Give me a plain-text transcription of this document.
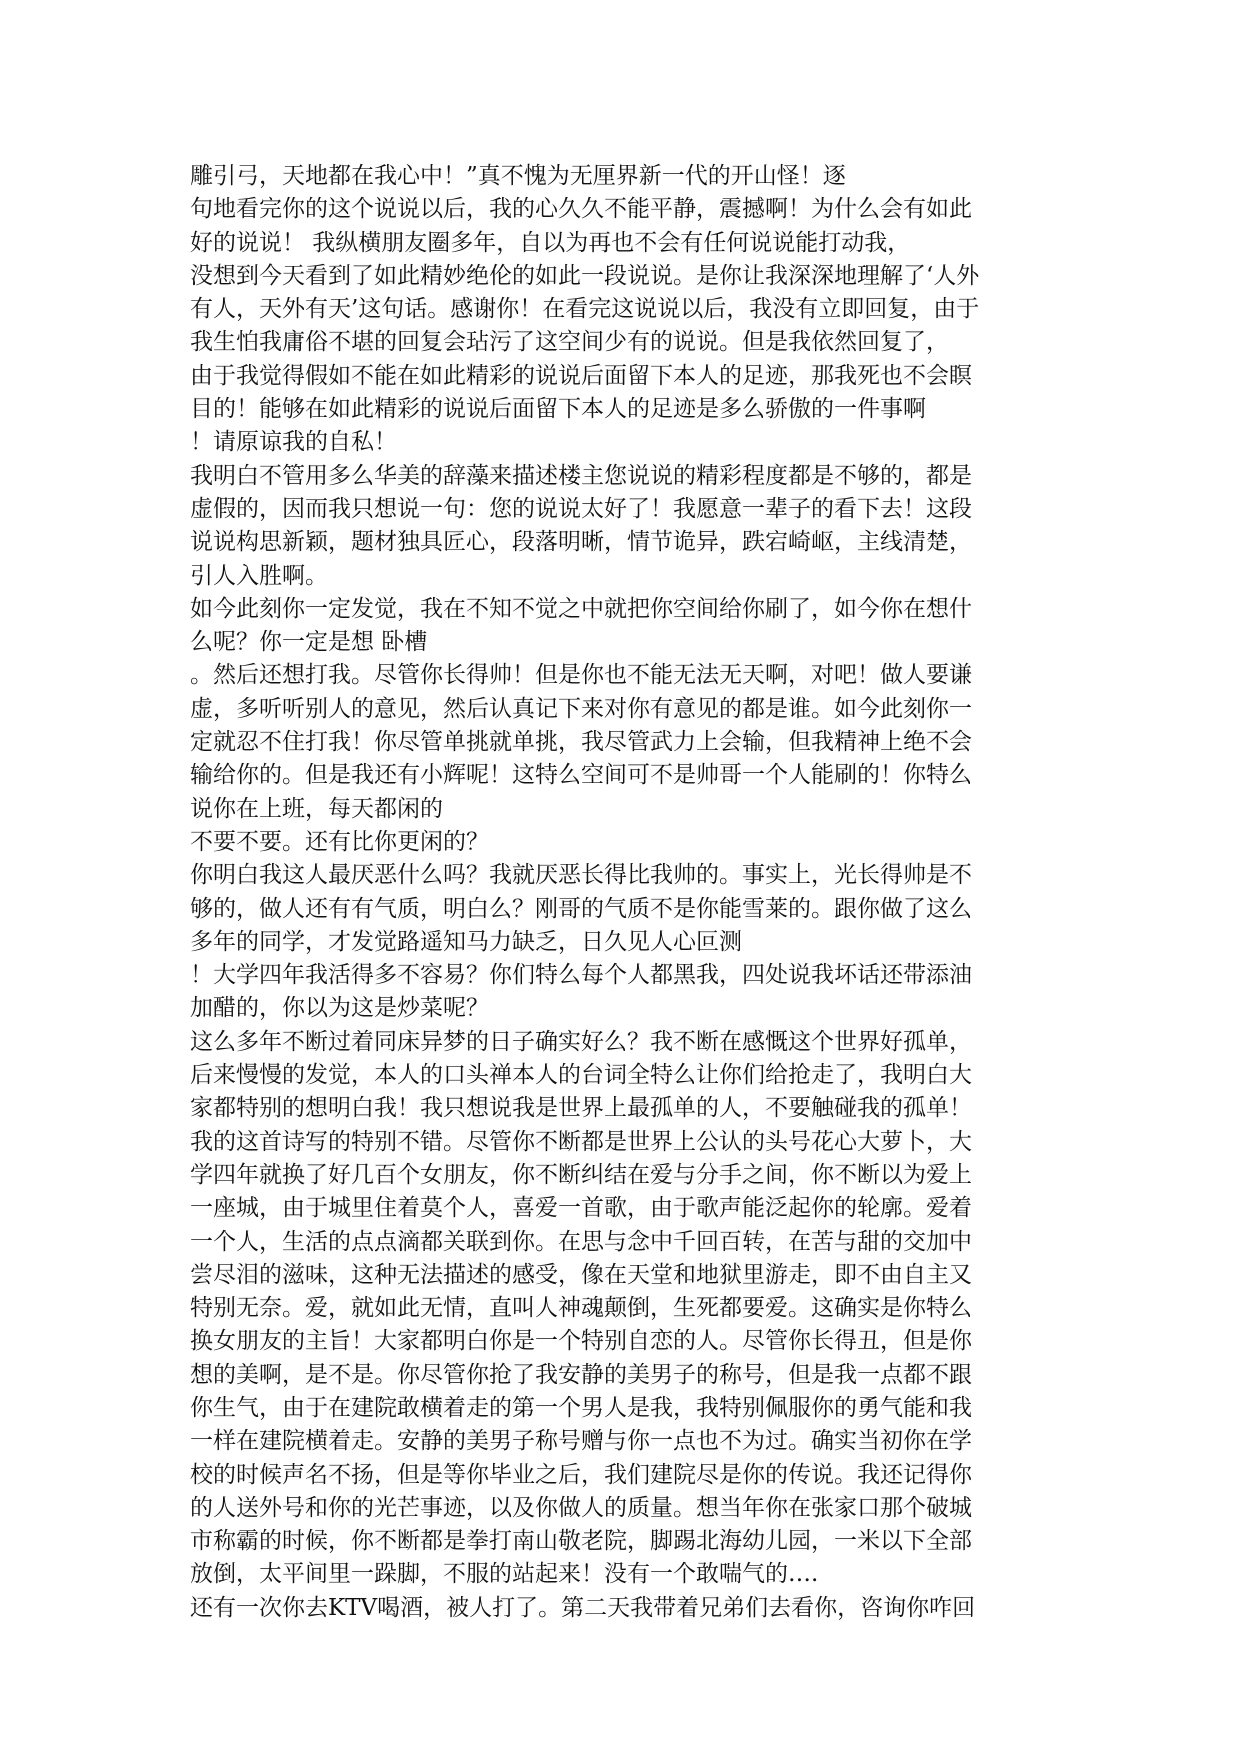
雕引弓，天地都在我心中！”真不愧为无厘界新一代的开山怪！逐
句地看完你的这个说说以后，我的心久久不能平静，震撼啊！为什么会有如此
好的说说！ 我纵横朋友圈多年，自以为再也不会有任何说说能打动我，
没想到今天看到了如此精妙绝伦的如此一段说说。是你让我深深地理解了‘人外
有人，天外有天’这句话。感谢你！在看完这说说以后，我没有立即回复，由于
我生怕我庸俗不堪的回复会玷污了这空间少有的说说。但是我依然回复了，
由于我觉得假如不能在如此精彩的说说后面留下本人的足迹，那我死也不会瞑
目的！能够在如此精彩的说说后面留下本人的足迹是多么骄傲的一件事啊
！请原谅我的自私！
我明白不管用多么华美的辞藻来描述楼主您说说的精彩程度都是不够的，都是
虚假的，因而我只想说一句：您的说说太好了！我愿意一辈子的看下去！这段
说说构思新颖，题材独具匠心，段落明晰，情节诡异，跌宕崎岖，主线清楚，
引人入胜啊。
如今此刻你一定发觉，我在不知不觉之中就把你空间给你刷了，如今你在想什
么呢？你一定是想 卧槽
。然后还想打我。尽管你长得帅！但是你也不能无法无天啊，对吧！做人要谦
虚，多听听别人的意见，然后认真记下来对你有意见的都是谁。如今此刻你一
定就忍不住打我！你尽管单挑就单挑，我尽管武力上会输，但我精神上绝不会
输给你的。但是我还有小辉呢！这特么空间可不是帅哥一个人能刷的！你特么
说你在上班，每天都闲的
不要不要。还有比你更闲的？
你明白我这人最厌恶什么吗？我就厌恶长得比我帅的。事实上，光长得帅是不
够的，做人还有有气质，明白么？刚哥的气质不是你能雪莱的。跟你做了这么
多年的同学，才发觉路遥知马力缺乏，日久见人心叵测
！大学四年我活得多不容易？你们特么每个人都黑我，四处说我坏话还带添油
加醋的，你以为这是炒菜呢？
这么多年不断过着同床异梦的日子确实好么？我不断在感慨这个世界好孤单，
后来慢慢的发觉，本人的口头禅本人的台词全特么让你们给抢走了，我明白大
家都特别的想明白我！我只想说我是世界上最孤单的人，不要触碰我的孤单！
我的这首诗写的特别不错。尽管你不断都是世界上公认的头号花心大萝卜，大
学四年就换了好几百个女朋友，你不断纠结在爱与分手之间，你不断以为爱上
一座城，由于城里住着莫个人，喜爱一首歌，由于歌声能泛起你的轮廓。爱着
一个人，生活的点点滴都关联到你。在思与念中千回百转，在苦与甜的交加中
尝尽泪的滋味，这种无法描述的感受，像在天堂和地狱里游走，即不由自主又
特别无奈。爱，就如此无情，直叫人神魂颠倒，生死都要爱。这确实是你特么
换女朋友的主旨！大家都明白你是一个特别自恋的人。尽管你长得丑，但是你
想的美啊，是不是。你尽管你抢了我安静的美男子的称号，但是我一点都不跟
你生气，由于在建院敢横着走的第一个男人是我，我特别佩服你的勇气能和我
一样在建院横着走。安静的美男子称号赠与你一点也不为过。确实当初你在学
校的时候声名不扬，但是等你毕业之后，我们建院尽是你的传说。我还记得你
的人送外号和你的光芒事迹，以及你做人的质量。想当年你在张家口那个破城
市称霸的时候，你不断都是拳打南山敬老院，脚踢北海幼儿园，一米以下全部
放倒，太平间里一跺脚，不服的站起来！没有一个敢喘气的….
还有一次你去KTV喝酒，被人打了。第二天我带着兄弟们去看你，咨询你咋回
